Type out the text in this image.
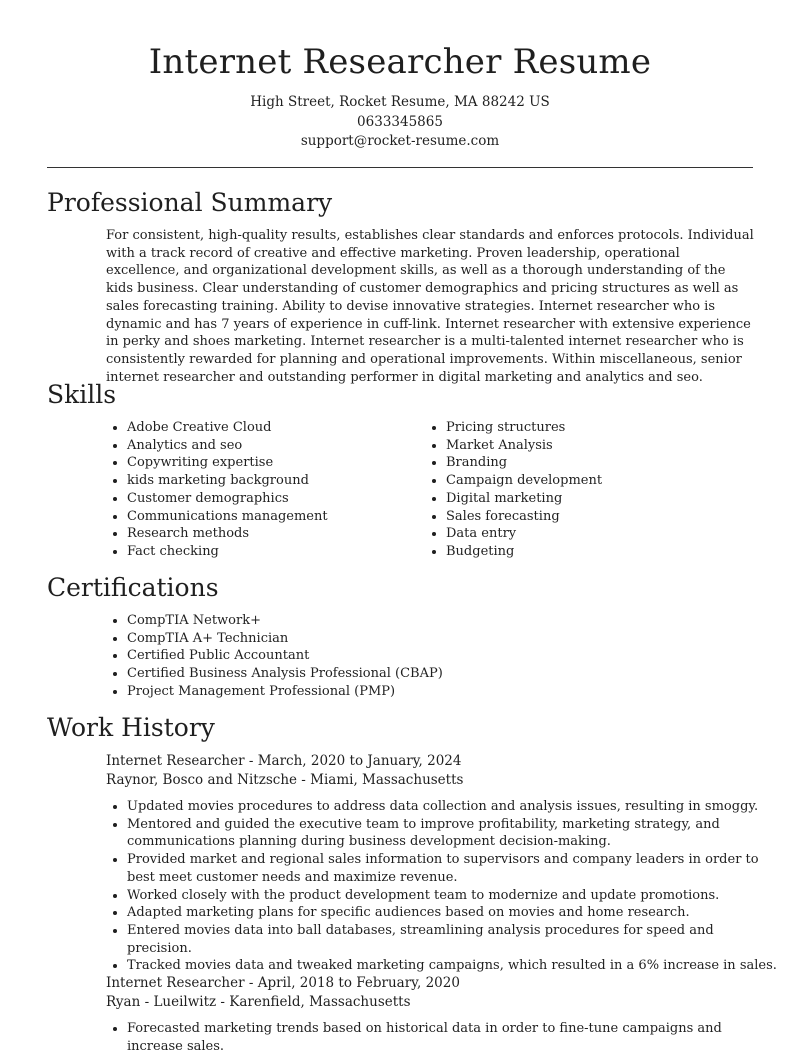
Internet Researcher Resume
High Street, Rocket Resume, MA 88242 US
0633345865
support@rocket-resume.com
Professional Summary
For consistent, high-quality results, establishes clear standards and enforces protocols. Individual with a track record of creative and effective marketing. Proven leadership, operational excellence, and organizational development skills, as well as a thorough understanding of the kids business. Clear understanding of customer demographics and pricing structures as well as sales forecasting training. Ability to devise innovative strategies. Internet researcher who is dynamic and has 7 years of experience in cuff-link. Internet researcher with extensive experience in perky and shoes marketing. Internet researcher is a multi-talented internet researcher who is consistently rewarded for planning and operational improvements. Within miscellaneous, senior internet researcher and outstanding performer in digital marketing and analytics and seo.
Skills
• Adobe Creative Cloud
• Analytics and seo
• Copywriting expertise
• kids marketing background
• Customer demographics
• Communications management
• Research methods
• Fact checking
• Pricing structures
• Market Analysis
• Branding
• Campaign development
• Digital marketing
• Sales forecasting
• Data entry
• Budgeting
Certifications
• CompTIA Network+
• CompTIA A+ Technician
• Certified Public Accountant
• Certified Business Analysis Professional (CBAP)
• Project Management Professional (PMP)
Work History
Internet Researcher - March, 2020 to January, 2024
Raynor, Bosco and Nitzsche - Miami, Massachusetts
• Updated movies procedures to address data collection and analysis issues, resulting in smoggy.
• Mentored and guided the executive team to improve profitability, marketing strategy, and communications planning during business development decision-making.
• Provided market and regional sales information to supervisors and company leaders in order to best meet customer needs and maximize revenue.
• Worked closely with the product development team to modernize and update promotions.
• Adapted marketing plans for specific audiences based on movies and home research.
• Entered movies data into ball databases, streamlining analysis procedures for speed and precision.
• Tracked movies data and tweaked marketing campaigns, which resulted in a 6% increase in sales.
Internet Researcher - April, 2018 to February, 2020
Ryan - Lueilwitz - Karenfield, Massachusetts
• Forecasted marketing trends based on historical data in order to fine-tune campaigns and increase sales.
